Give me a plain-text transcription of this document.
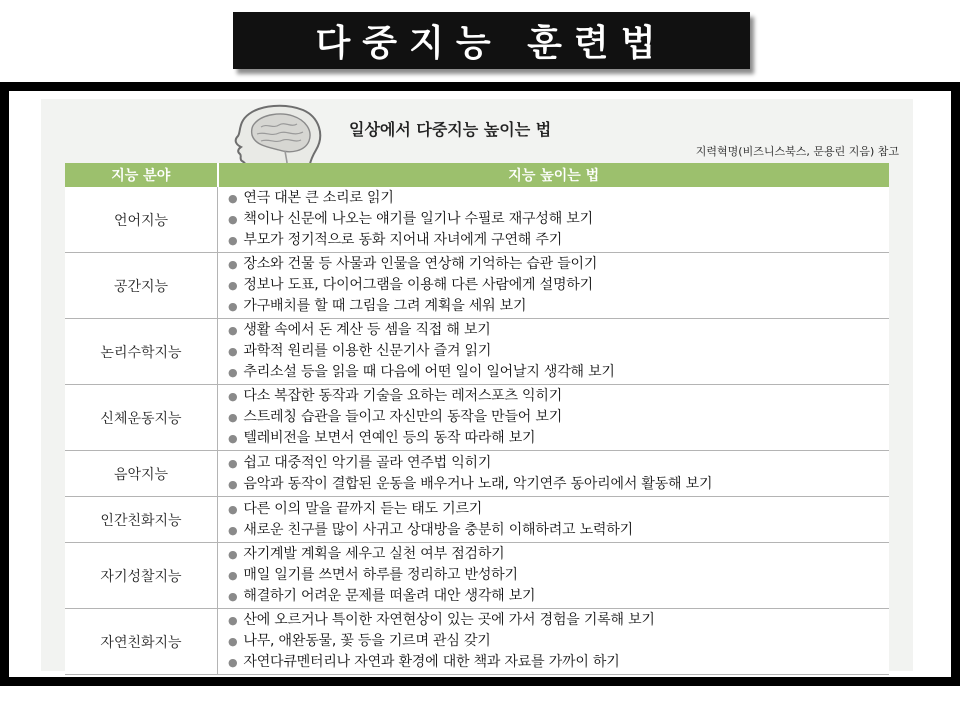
다중지능 훈련법
일상에서 다중지능 높이는 법
지력혁명(비즈니스북스, 문용린 지음) 참고
지능 분야	지능 높이는 법
언어지능	● 연극 대본 큰 소리로 읽기
● 책이나 신문에 나오는 얘기를 일기나 수필로 재구성해 보기
● 부모가 정기적으로 동화 지어내 자녀에게 구연해 주기

공간지능	● 장소와 건물 등 사물과 인물을 연상해 기억하는 습관 들이기
● 정보나 도표, 다이어그램을 이용해 다른 사람에게 설명하기
● 가구배치를 할 때 그림을 그려 계획을 세워 보기

논리수학지능	● 생활 속에서 돈 계산 등 셈을 직접 해 보기
● 과학적 원리를 이용한 신문기사 즐겨 읽기
● 추리소설 등을 읽을 때 다음에 어떤 일이 일어날지 생각해 보기

신체운동지능	● 다소 복잡한 동작과 기술을 요하는 레저스포츠 익히기
● 스트레칭 습관을 들이고 자신만의 동작을 만들어 보기
● 텔레비전을 보면서 연예인 등의 동작 따라해 보기

음악지능	● 쉽고 대중적인 악기를 골라 연주법 익히기
● 음악과 동작이 결합된 운동을 배우거나 노래, 악기연주 동아리에서 활동해 보기

인간친화지능	● 다른 이의 말을 끝까지 듣는 태도 기르기
● 새로운 친구를 많이 사귀고 상대방을 충분히 이해하려고 노력하기

자기성찰지능	● 자기계발 계획을 세우고 실천 여부 점검하기
● 매일 일기를 쓰면서 하루를 정리하고 반성하기
● 해결하기 어려운 문제를 떠올려 대안 생각해 보기

자연친화지능	● 산에 오르거나 특이한 자연현상이 있는 곳에 가서 경험을 기록해 보기
● 나무, 애완동물, 꽃 등을 기르며 관심 갖기
● 자연다큐멘터리나 자연과 환경에 대한 책과 자료를 가까이 하기
